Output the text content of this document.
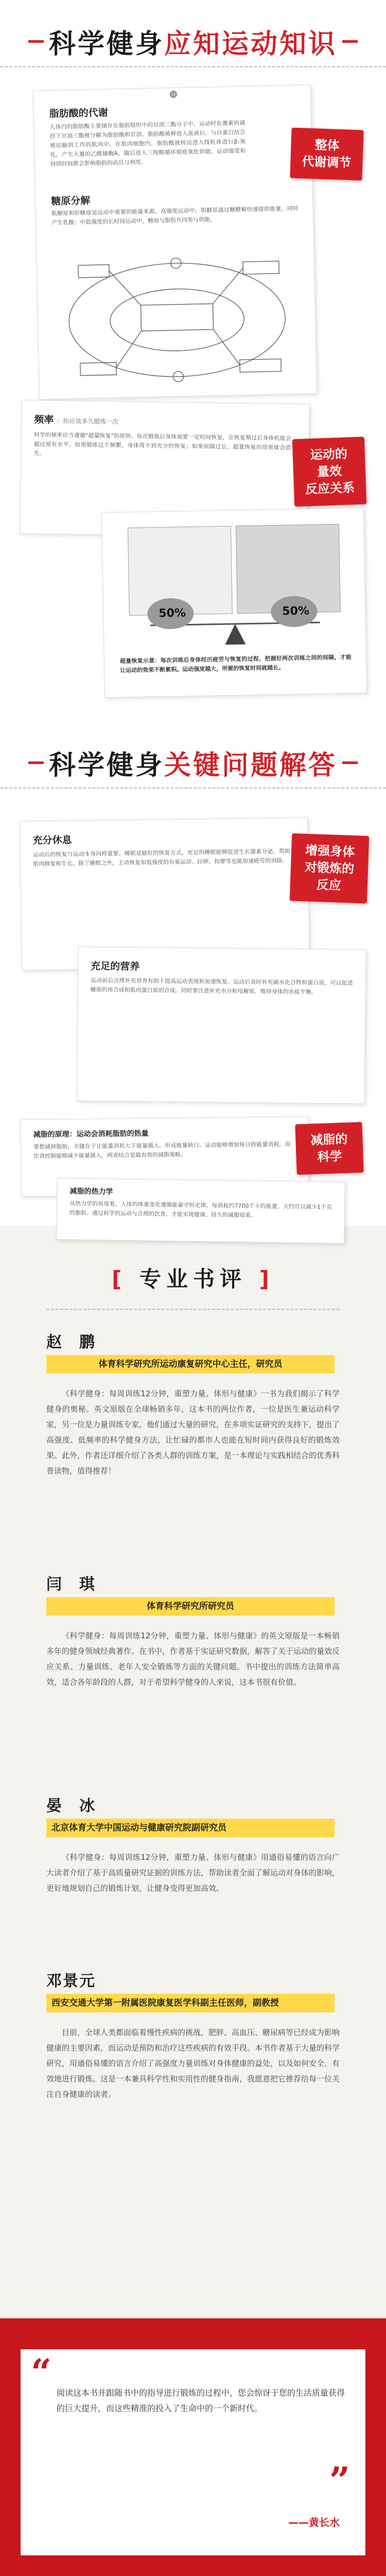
科学健身应知运动知识
脂肪酸的代谢
人体内的脂肪酸主要储存在脂肪组织中的甘油三酯分子中，运动时在激素的调控下甘油三酯被分解为脂肪酸和甘油。脂肪酸被释放入血液后，与白蛋白结合被运输到工作的肌肉中。在肌肉细胞内，脂肪酸被转运进入线粒体进行β-氧化，产生大量的乙酰辅酶A，随后进入三羧酸循环彻底氧化供能。运动强度和持续时间都会影响脂肪的动员与利用。
糖原分解
肌糖原和肝糖原是运动中重要的能量来源。高强度运动中，肌糖原通过糖酵解快速提供能量，同时产生乳酸；中低强度的长时间运动中，糖原与脂肪共同参与供能。
整体
代谢调节
频率 ：你应该多久锻炼一次
科学的频率应当遵循"超量恢复"的原则。每次锻炼后身体需要一定时间恢复，在恢复期过后身体机能会超过原有水平。如果锻炼过于频繁，身体得不到充分的恢复；如果间隔过长，超量恢复的效果就会消失。	运动的
量效
反应关系
50%	50%
超量恢复示意：每次训练后身体经历疲劳与恢复的过程，把握好两次训练之间的间隔，才能让运动的效果不断累积。运动强度越大，所需的恢复时间就越长。
科学健身关键问题解答
充分休息
运动后的恢复与运动本身同样重要。睡眠是最好的恢复方式，充足的睡眠能够促进生长激素分泌，帮助肌肉修复和生长。除了睡眠之外，主动恢复如低强度的有氧运动、拉伸、按摩等也能加速疲劳的消除。
增强身体
对锻炼的
反应
充足的营养
运动前后合理补充营养有助于提高运动表现和加速恢复。运动后及时补充碳水化合物和蛋白质，可以促进糖原的再合成和肌肉蛋白质的合成。同时要注意补充水分和电解质，维持身体的水盐平衡。
减脂的原理：运动会消耗脂肪的热量
要想减掉脂肪，关键在于让能量消耗大于能量摄入，形成能量缺口。运动能够增加每日的能量消耗，而饮食控制能够减少能量摄入，两者结合是最有效的减脂策略。
减脂的
科学
减脂的热力学
从热力学的角度看，人体的体重变化遵循能量守恒定律。每消耗约7700千卡的能量，大约可以减少1千克的脂肪。通过科学的运动与合理的饮食，才能实现健康、持久的减脂效果。
[ 专业书评 ]
赵　鹏
体育科学研究所运动康复研究中心主任，研究员
《科学健身：每周训练12分钟，重塑力量、体形与健康》一书为我们揭示了科学健身的奥秘。英文原版在全球畅销多年，这本书的两位作者，一位是医生兼运动科学家，另一位是力量训练专家，他们通过大量的研究，在多项实证研究的支持下，提出了高强度、低频率的科学健身方法，让忙碌的都市人也能在短时间内获得良好的锻炼效果。此外，作者还详细介绍了各类人群的训练方案，是一本理论与实践相结合的优秀科普读物，值得推荐！
闫　琪
体育科学研究所研究员
《科学健身：每周训练12分钟，重塑力量、体形与健康》的英文原版是一本畅销多年的健身领域经典著作。在书中，作者基于实证研究数据，解答了关于运动的量效反应关系、力量训练、老年人安全锻炼等方面的关键问题。书中提出的训练方法简单高效，适合各年龄段的人群，对于希望科学健身的人来说，这本书很有价值。
晏　冰
北京体育大学中国运动与健康研究院副研究员
《科学健身：每周训练12分钟，重塑力量、体形与健康》用通俗易懂的语言向广大读者介绍了基于高质量研究证据的训练方法，帮助读者全面了解运动对身体的影响，更好地规划自己的锻炼计划，让健身变得更加高效。
邓景元
西安交通大学第一附属医院康复医学科副主任医师，副教授
目前，全球人类都面临着慢性疾病的挑战，肥胖、高血压、糖尿病等已经成为影响健康的主要因素，而运动是预防和治疗这些疾病的有效手段。本书作者基于大量的科学研究，用通俗易懂的语言介绍了高强度力量训练对身体健康的益处，以及如何安全、有效地进行锻炼。这是一本兼具科学性和实用性的健身指南，我愿意把它推荐给每一位关注自身健康的读者。
“ 阅读这本书并跟随书中的指导进行锻炼的过程中，您会惊讶于您的生活质量获得的巨大提升，而这些精准的投入了生命中的一个新时代。
”
——黄长水
